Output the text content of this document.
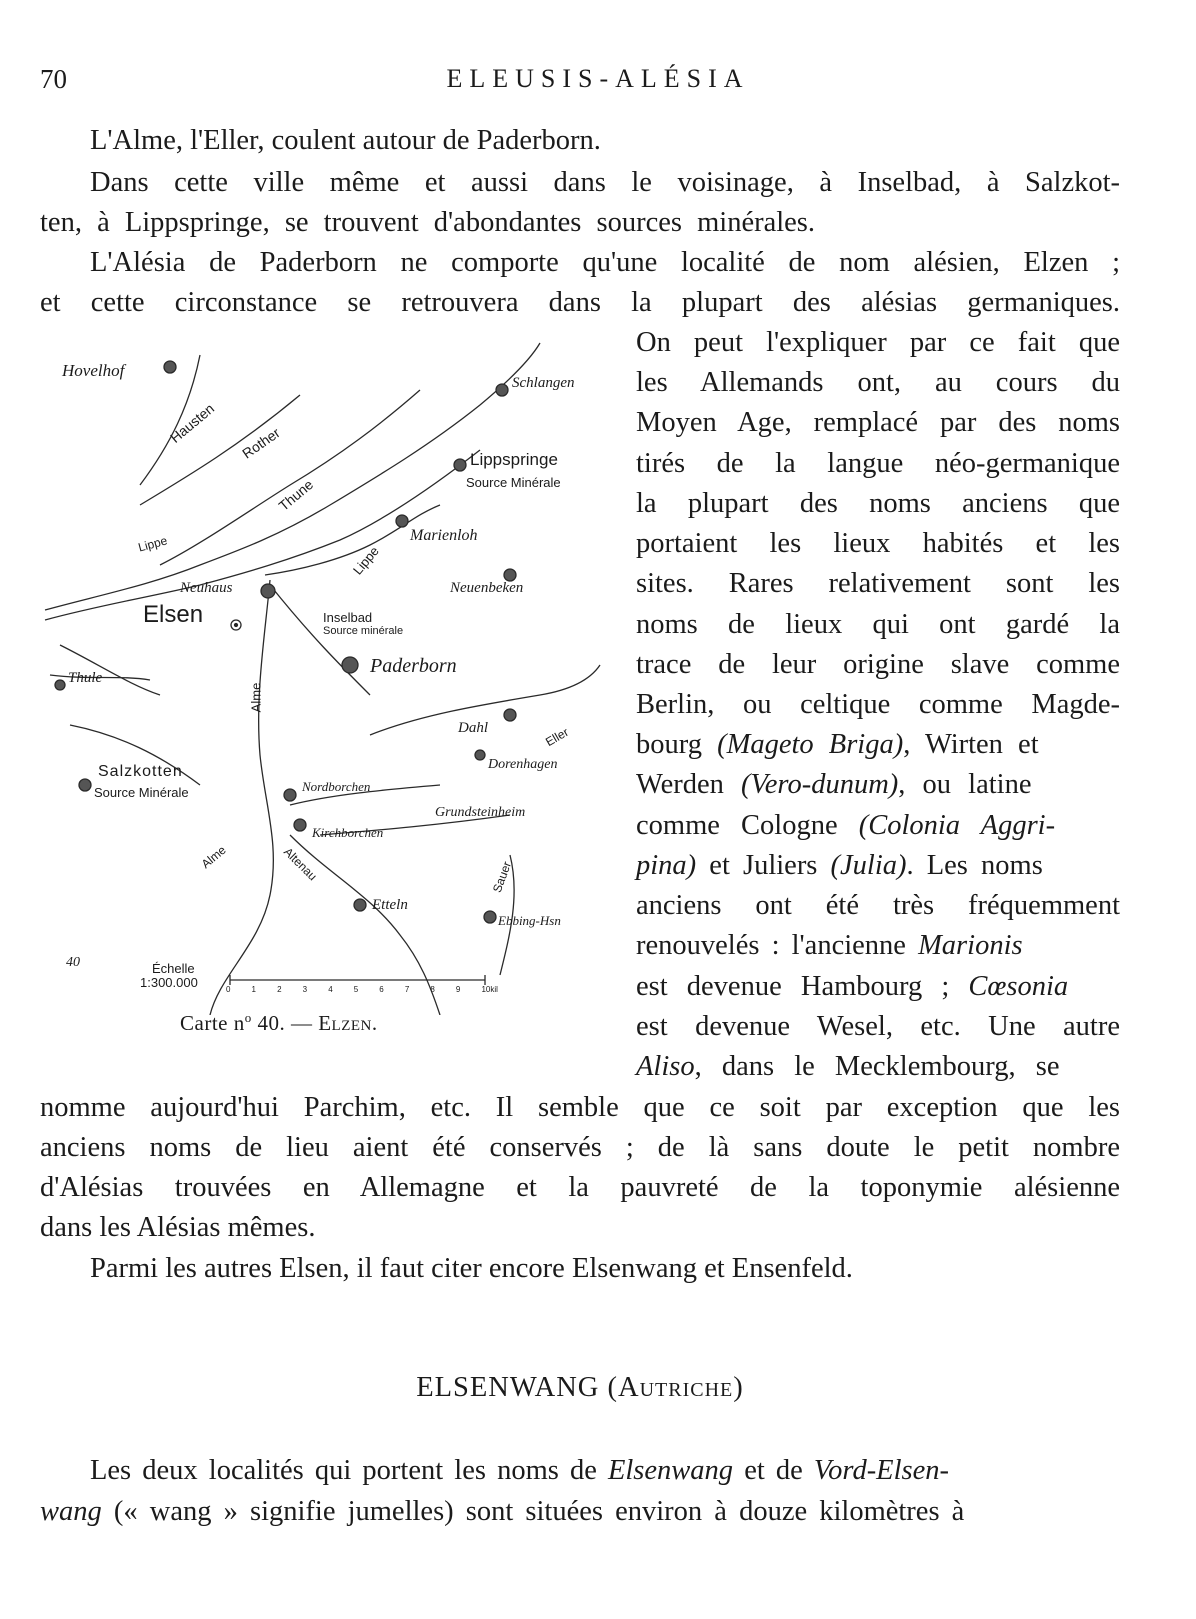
70	ELEUSIS-ALÉSIA
L'Alme, l'Eller, coulent autour de Paderborn.
Dans cette ville même et aussi dans le voisinage, à Inselbad, à Salzkot-
ten, à Lippspringe, se trouvent d'abondantes sources minérales.
L'Alésia de Paderborn ne comporte qu'une localité de nom alésien, Elzen ;
et cette circonstance se retrouvera dans la plupart des alésias germaniques.
On peut l'expliquer par ce fait que
les Allemands ont, au cours du
Moyen Age, remplacé par des noms
tirés de la langue néo-germanique
la plupart des noms anciens que
portaient les lieux habités et les
sites. Rares relativement sont les
noms de lieux qui ont gardé la
trace de leur origine slave comme
Berlin, ou celtique comme Magde-
bourg (Mageto Briga), Wirten et
Werden (Vero-dunum), ou latine
comme Cologne (Colonia Aggri-
pina) et Juliers (Julia). Les noms
anciens ont été très fréquemment
renouvelés : l'ancienne Marionis
est devenue Hambourg ; Cœsonia
est devenue Wesel, etc. Une autre
Aliso, dans le Mecklembourg, se
nomme aujourd'hui Parchim, etc. Il semble que ce soit par exception que les
anciens noms de lieu aient été conservés ; de là sans doute le petit nombre
d'Alésias trouvées en Allemagne et la pauvreté de la toponymie alésienne
dans les Alésias mêmes.
Parmi les autres Elsen, il faut citer encore Elsenwang et Ensenfeld.
ELSENWANG (Autriche)
Les deux localités qui portent les noms de Elsenwang et de Vord-Elsen-
wang (« wang » signifie jumelles) sont situées environ à douze kilomètres à
Hovelhof
Schlangen
Lippspringe
Source Minérale
Marienloh
Neuenbeken
Neuhaus
Elsen	Inselbad
Source minérale
Paderborn
Thule
Salzkotten
Source Minérale
Dahl
Dorenhagen
Nordborchen
Grundsteinheim
Kirchborchen
Etteln
Ebbing-Hsn
Hausten Rother
Thune
Lippe	Lippe
Alme
Eller
Alme	Altenau	Sauer
40	Échelle
1:300.000	0	1	2	3	4	5	6	7	8	9	10kil
Carte $n^o$ 40. — Elzen.
